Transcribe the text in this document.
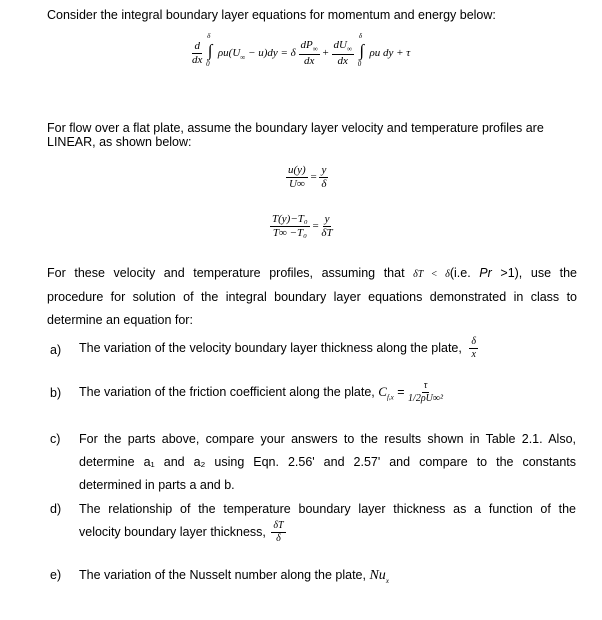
Consider the integral boundary layer equations for momentum and energy below:
$\frac{d}{dx}$

δ
∫
0
$\rho u(U_\infty - u)dy = \delta \frac{dP_\infty}{dx} + \frac{dU_\infty}{dx}$

δ
∫
0
ρu dy + τ
For flow over a flat plate, assume the boundary layer velocity and temperature profiles are LINEAR, as shown below:
$\frac{u(y)}{U\infty} = \frac{y}{\delta}$
$\frac{\text{T(y)−T₀}}{\text{T∞ −T₀}} = \frac{y}{\delta T}$
For these velocity and temperature profiles, assuming that δT < δ(i.e. Pr >1), use the
procedure for solution of the integral boundary layer equations demonstrated in class to
determine an equation for:
a) The variation of the velocity boundary layer thickness along the plate, $\frac{\delta}{x}$
b) The variation of the friction coefficient along the plate, $C_{f,x} = \frac{\tau}{\text{1/2ρU∞²}}$
c) For the parts above, compare your answers to the results shown in Table 2.1. Also,
determine a₁ and a₂ using Eqn. 2.56' and 2.57' and compare to the constants
determined in parts a and b.
d) The relationship of the temperature boundary layer thickness as a function of the
velocity boundary layer thickness, $\frac{\delta T}{\delta}$
e) The variation of the Nusselt number along the plate, $Nu_x$
